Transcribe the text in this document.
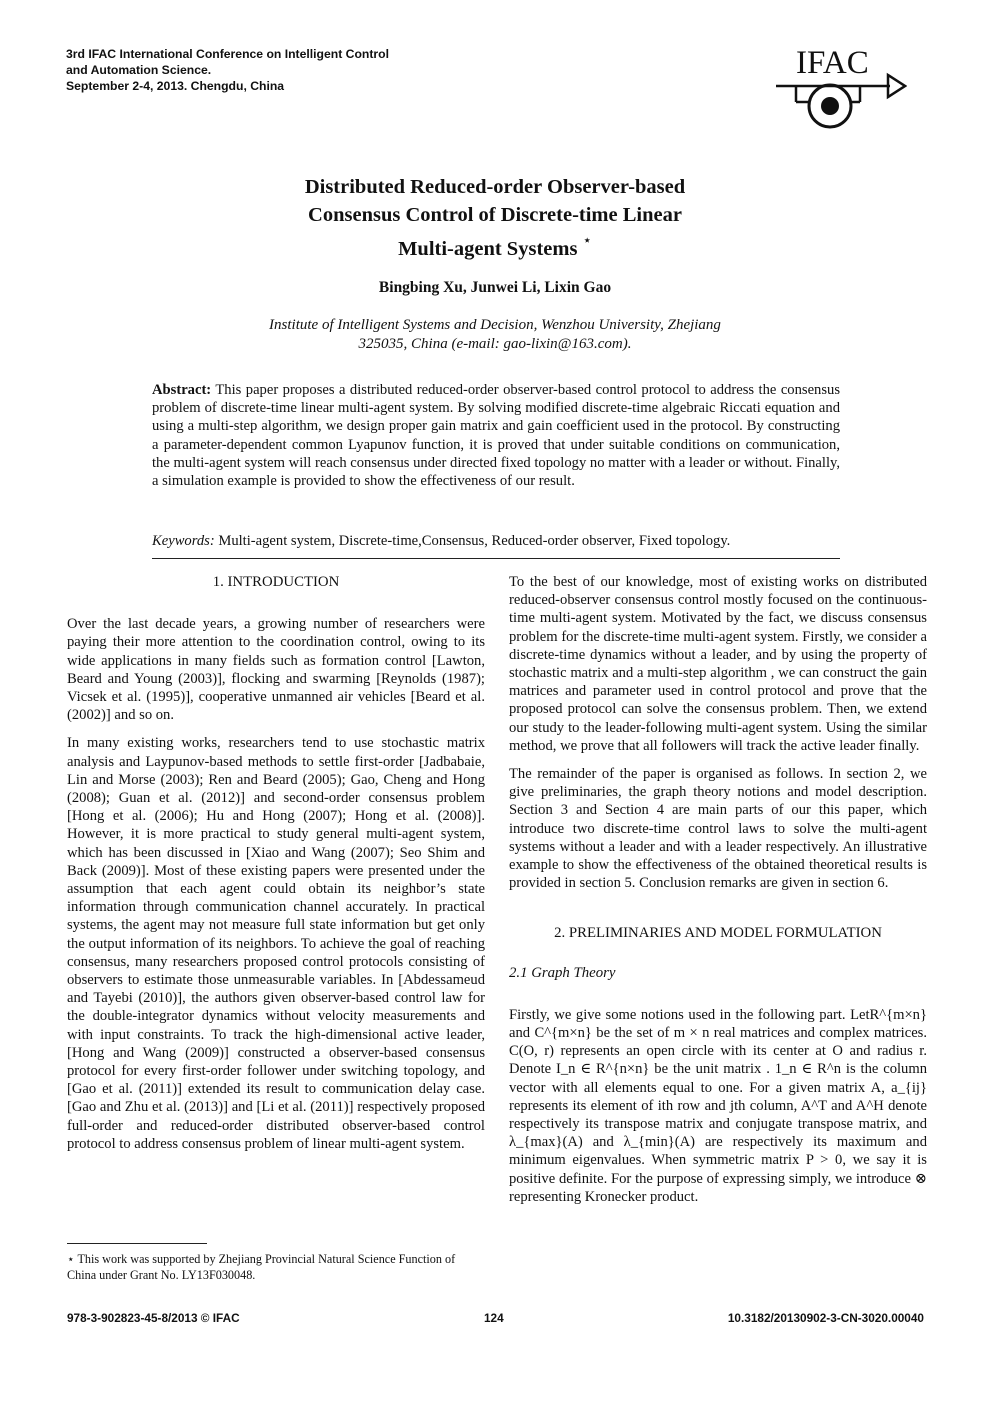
3rd IFAC International Conference on Intelligent Control
and Automation Science.
September 2-4, 2013. Chengdu, China
IFAC
Distributed Reduced-order Observer-based
Consensus Control of Discrete-time Linear
Multi-agent Systems ⋆
Bingbing Xu, Junwei Li, Lixin Gao
Institute of Intelligent Systems and Decision, Wenzhou University, Zhejiang
325035, China (e-mail: gao-lixin@163.com).
Abstract: This paper proposes a distributed reduced-order observer-based control protocol to address the consensus problem of discrete-time linear multi-agent system. By solving modified discrete-time algebraic Riccati equation and using a multi-step algorithm, we design proper gain matrix and gain coefficient used in the protocol. By constructing a parameter-dependent common Lyapunov function, it is proved that under suitable conditions on communication, the multi-agent system will reach consensus under directed fixed topology no matter with a leader or without. Finally, a simulation example is provided to show the effectiveness of our result.
Keywords: Multi-agent system, Discrete-time,Consensus, Reduced-order observer, Fixed topology.

1. INTRODUCTION

Over the last decade years, a growing number of researchers were paying their more attention to the coordination control, owing to its wide applications in many fields such as formation control [Lawton, Beard and Young (2003)], flocking and swarming [Reynolds (1987); Vicsek et al. (1995)], cooperative unmanned air vehicles [Beard et al. (2002)] and so on.

In many existing works, researchers tend to use stochastic matrix analysis and Laypunov-based methods to settle first-order [Jadbabaie, Lin and Morse (2003); Ren and Beard (2005); Gao, Cheng and Hong (2008); Guan et al. (2012)] and second-order consensus problem [Hong et al. (2006); Hu and Hong (2007); Hong et al. (2008)]. However, it is more practical to study general multi-agent system, which has been discussed in [Xiao and Wang (2007); Seo Shim and Back (2009)]. Most of these existing papers were presented under the assumption that each agent could obtain its neighbor’s state information through communication channel accurately. In practical systems, the agent may not measure full state information but get only the output information of its neighbors. To achieve the goal of reaching consensus, many researchers proposed control protocols consisting of observers to estimate those unmeasurable variables. In [Abdessameud and Tayebi (2010)], the authors given observer-based control law for the double-integrator dynamics without velocity measurements and with input constraints. To track the high-dimensional active leader, [Hong and Wang (2009)] constructed a observer-based consensus protocol for every first-order follower under switching topology, and [Gao et al. (2011)] extended its result to communication delay case. [Gao and Zhu et al. (2013)] and [Li et al. (2011)] respectively proposed full-order and reduced-order distributed observer-based control protocol to address consensus problem of linear multi-agent system.

⋆ This work was supported by Zhejiang Provincial Natural Science Function of China under Grant No. LY13F030048.

To the best of our knowledge, most of existing works on distributed reduced-observer consensus control mostly focused on the continuous-time multi-agent system. Motivated by the fact, we discuss consensus problem for the discrete-time multi-agent system. Firstly, we consider a discrete-time dynamics without a leader, and by using the property of stochastic matrix and a multi-step algorithm , we can construct the gain matrices and parameter used in control protocol and prove that the proposed protocol can solve the consensus problem. Then, we extend our study to the leader-following multi-agent system. Using the similar method, we prove that all followers will track the active leader finally.

The remainder of the paper is organised as follows. In section 2, we give preliminaries, the graph theory notions and model description. Section 3 and Section 4 are main parts of our this paper, which introduce two discrete-time control laws to solve the multi-agent systems without a leader and with a leader respectively. An illustrative example to show the effectiveness of the obtained theoretical results is provided in section 5. Conclusion remarks are given in section 6.

2. PRELIMINARIES AND MODEL FORMULATION

2.1 Graph Theory

Firstly, we give some notions used in the following part. LetR^{m×n} and C^{m×n} be the set of m × n real matrices and complex matrices. C(O, r) represents an open circle with its center at O and radius r. Denote I_n ∈ R^{n×n} be the unit matrix . 1_n ∈ R^n is the column vector with all elements equal to one. For a given matrix A, a_{ij} represents its element of ith row and jth column, A^T and A^H denote respectively its transpose matrix and conjugate transpose matrix, and λ_{max}(A) and λ_{min}(A) are respectively its maximum and minimum eigenvalues. When symmetric matrix P > 0, we say it is positive definite. For the purpose of expressing simply, we introduce ⊗ representing Kronecker product.

978-3-902823-45-8/2013 © IFAC	124	10.3182/20130902-3-CN-3020.00040
